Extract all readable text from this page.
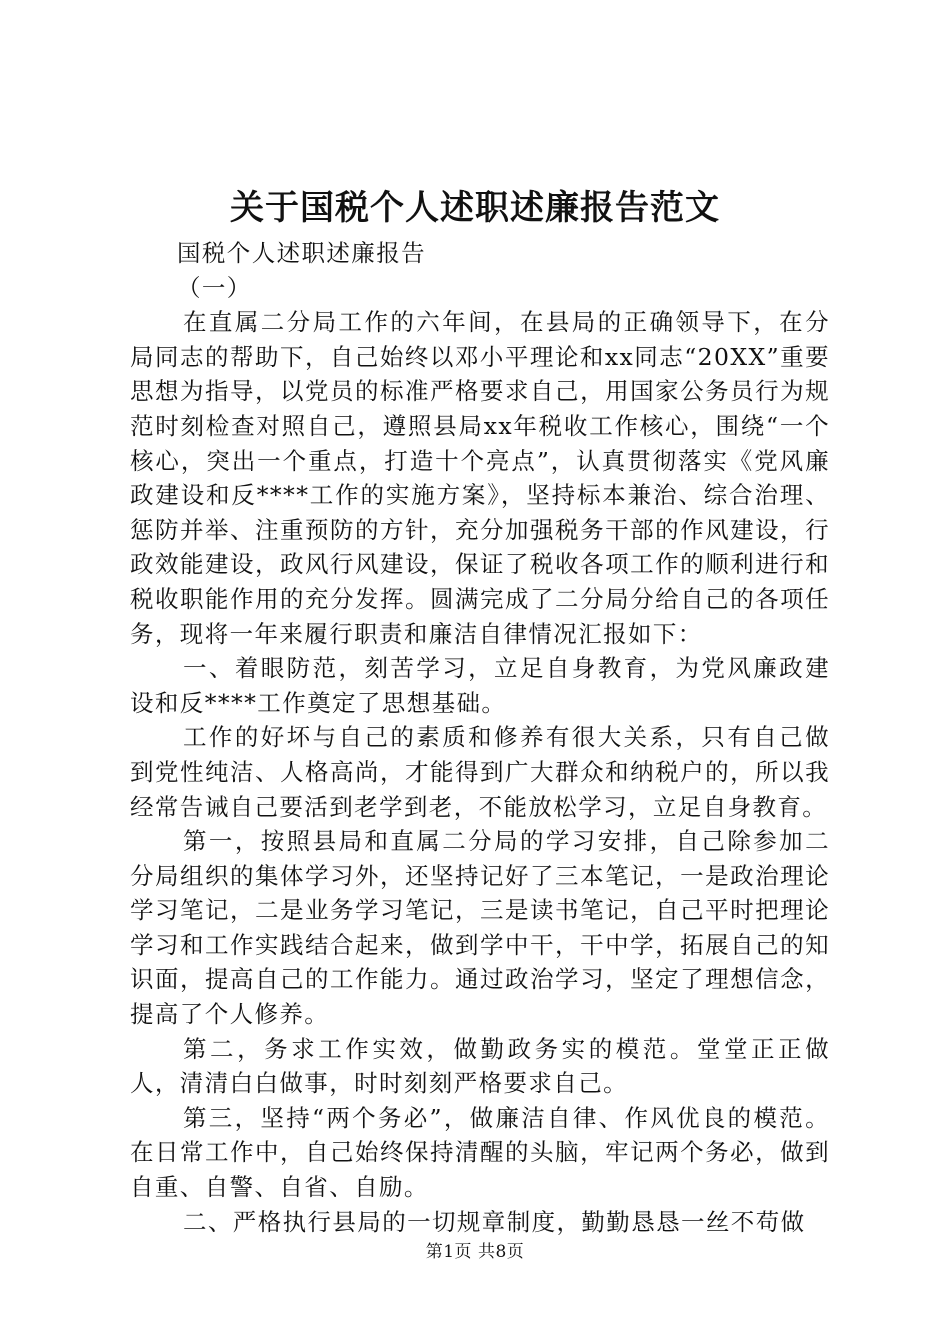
关于国税个人述职述廉报告范文

国税个人述职述廉报告

（一）

在直属二分局工作的六年间，在县局的正确领导下，在分局同志的帮助下，自己始终以邓小平理论和xx同志“20XX”重要思想为指导，以党员的标准严格要求自己，用国家公务员行为规范时刻检查对照自己，遵照县局xx年税收工作核心，围绕“一个核心，突出一个重点，打造十个亮点”，认真贯彻落实《党风廉政建设和反****工作的实施方案》，坚持标本兼治、综合治理、惩防并举、注重预防的方针，充分加强税务干部的作风建设，行政效能建设，政风行风建设，保证了税收各项工作的顺利进行和税收职能作用的充分发挥。圆满完成了二分局分给自己的各项任务，现将一年来履行职责和廉洁自律情况汇报如下：

一、着眼防范，刻苦学习，立足自身教育，为党风廉政建设和反****工作奠定了思想基础。

工作的好坏与自己的素质和修养有很大关系，只有自己做到党性纯洁、人格高尚，才能得到广大群众和纳税户的，所以我经常告诫自己要活到老学到老，不能放松学习，立足自身教育。

第一，按照县局和直属二分局的学习安排，自己除参加二分局组织的集体学习外，还坚持记好了三本笔记，一是政治理论学习笔记，二是业务学习笔记，三是读书笔记，自己平时把理论学习和工作实践结合起来，做到学中干，干中学，拓展自己的知识面，提高自己的工作能力。通过政治学习，坚定了理想信念，提高了个人修养。

第二，务求工作实效，做勤政务实的模范。堂堂正正做人，清清白白做事，时时刻刻严格要求自己。

第三，坚持“两个务必”，做廉洁自律、作风优良的模范。在日常工作中，自己始终保持清醒的头脑，牢记两个务必，做到自重、自警、自省、自励。

二、严格执行县局的一切规章制度，勤勤恳恳一丝不苟做

第1页 共8页
